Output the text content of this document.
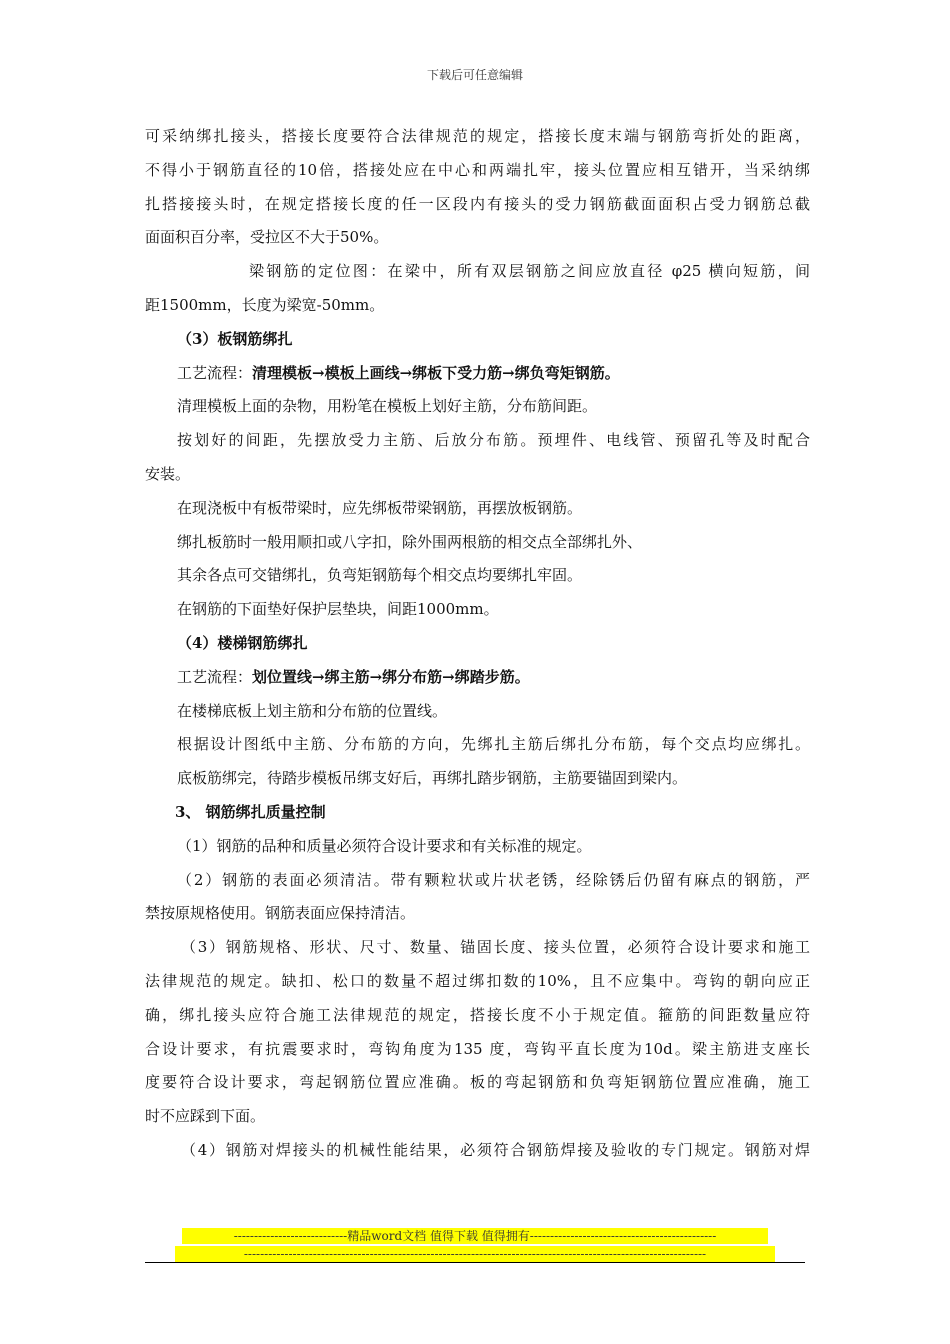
下载后可任意编辑
可采纳绑扎接头，搭接长度要符合法律规范的规定，搭接长度末端与钢筋弯折处的距离，
不得小于钢筋直径的10倍，搭接处应在中心和两端扎牢，接头位置应相互错开，当采纳绑
扎搭接接头时，在规定搭接长度的任一区段内有接头的受力钢筋截面面积占受力钢筋总截
面面积百分率，受拉区不大于50%。
梁钢筋的定位图：在梁中，所有双层钢筋之间应放直径 φ25 横向短筋，间
距1500mm，长度为梁宽-50mm。
（3）板钢筋绑扎
工艺流程：清理模板→模板上画线→绑板下受力筋→绑负弯矩钢筋。
清理模板上面的杂物，用粉笔在模板上划好主筋，分布筋间距。
按划好的间距，先摆放受力主筋、后放分布筋。预埋件、电线管、预留孔等及时配合
安装。
在现浇板中有板带梁时，应先绑板带梁钢筋，再摆放板钢筋。
绑扎板筋时一般用顺扣或八字扣，除外围两根筋的相交点全部绑扎外、
其余各点可交错绑扎，负弯矩钢筋每个相交点均要绑扎牢固。
在钢筋的下面垫好保护层垫块，间距1000mm。
（4）楼梯钢筋绑扎
工艺流程：划位置线→绑主筋→绑分布筋→绑踏步筋。
在楼梯底板上划主筋和分布筋的位置线。
根据设计图纸中主筋、分布筋的方向，先绑扎主筋后绑扎分布筋，每个交点均应绑扎。
底板筋绑完，待踏步模板吊绑支好后，再绑扎踏步钢筋，主筋要锚固到梁内。
3、 钢筋绑扎质量控制
（1）钢筋的品种和质量必须符合设计要求和有关标准的规定。
（2）钢筋的表面必须清洁。带有颗粒状或片状老锈，经除锈后仍留有麻点的钢筋，严
禁按原规格使用。钢筋表面应保持清洁。
（3）钢筋规格、形状、尺寸、数量、锚固长度、接头位置，必须符合设计要求和施工
法律规范的规定。缺扣、松口的数量不超过绑扣数的10%，且不应集中。弯钩的朝向应正
确，绑扎接头应符合施工法律规范的规定，搭接长度不小于规定值。箍筋的间距数量应符
合设计要求，有抗震要求时，弯钩角度为135 度，弯钩平直长度为10d。梁主筋进支座长
度要符合设计要求，弯起钢筋位置应准确。板的弯起钢筋和负弯矩钢筋位置应准确，施工
时不应踩到下面。
（4）钢筋对焊接头的机械性能结果，必须符合钢筋焊接及验收的专门规定。钢筋对焊
----------------------------精品word文档 值得下载 值得拥有----------------------------------------------
------------------------------------------------------------------------------------------------------------------
